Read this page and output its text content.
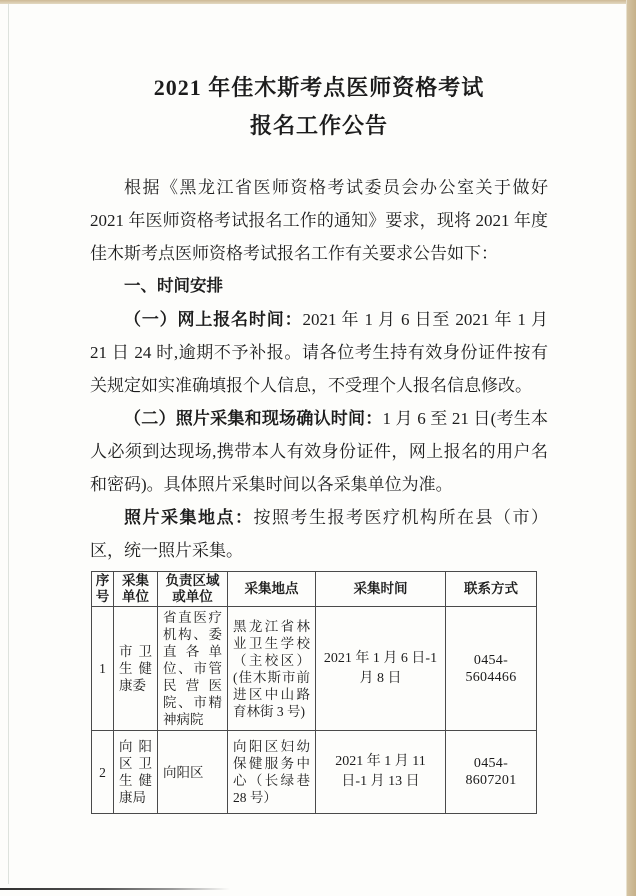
2021 年佳木斯考点医师资格考试
报名工作公告

根据《黑龙江省医师资格考试委员会办公室关于做好 2021 年医师资格考试报名工作的通知》要求，现将 2021 年度佳木斯考点医师资格考试报名工作有关要求公告如下：

一、时间安排

（一）网上报名时间：2021 年 1 月 6 日至 2021 年 1 月 21 日 24 时,逾期不予补报。请各位考生持有效身份证件按有关规定如实准确填报个人信息，不受理个人报名信息修改。

（二）照片采集和现场确认时间：1 月 6 至 21 日(考生本人必须到达现场,携带本人有效身份证件，网上报名的用户名和密码)。具体照片采集时间以各采集单位为准。

照片采集地点：按照考生报考医疗机构所在县（市）区，统一照片采集。

序号	采集单位	负责区域或单位	采集地点	采集时间	联系方式
1	市卫生健康委	省直医疗机构、委直各单位、市管民营医院、市精神病院	黑龙江省林业卫生学校（主校区）(佳木斯市前进区中山路育林街 3 号)	2021 年 1 月 6 日-1 月 8 日	0454-5604466
2	向阳区卫生健康局	向阳区	向阳区妇幼保健服务中心（长绿巷 28 号）	2021 年 1 月 11 日-1 月 13 日	0454-8607201
